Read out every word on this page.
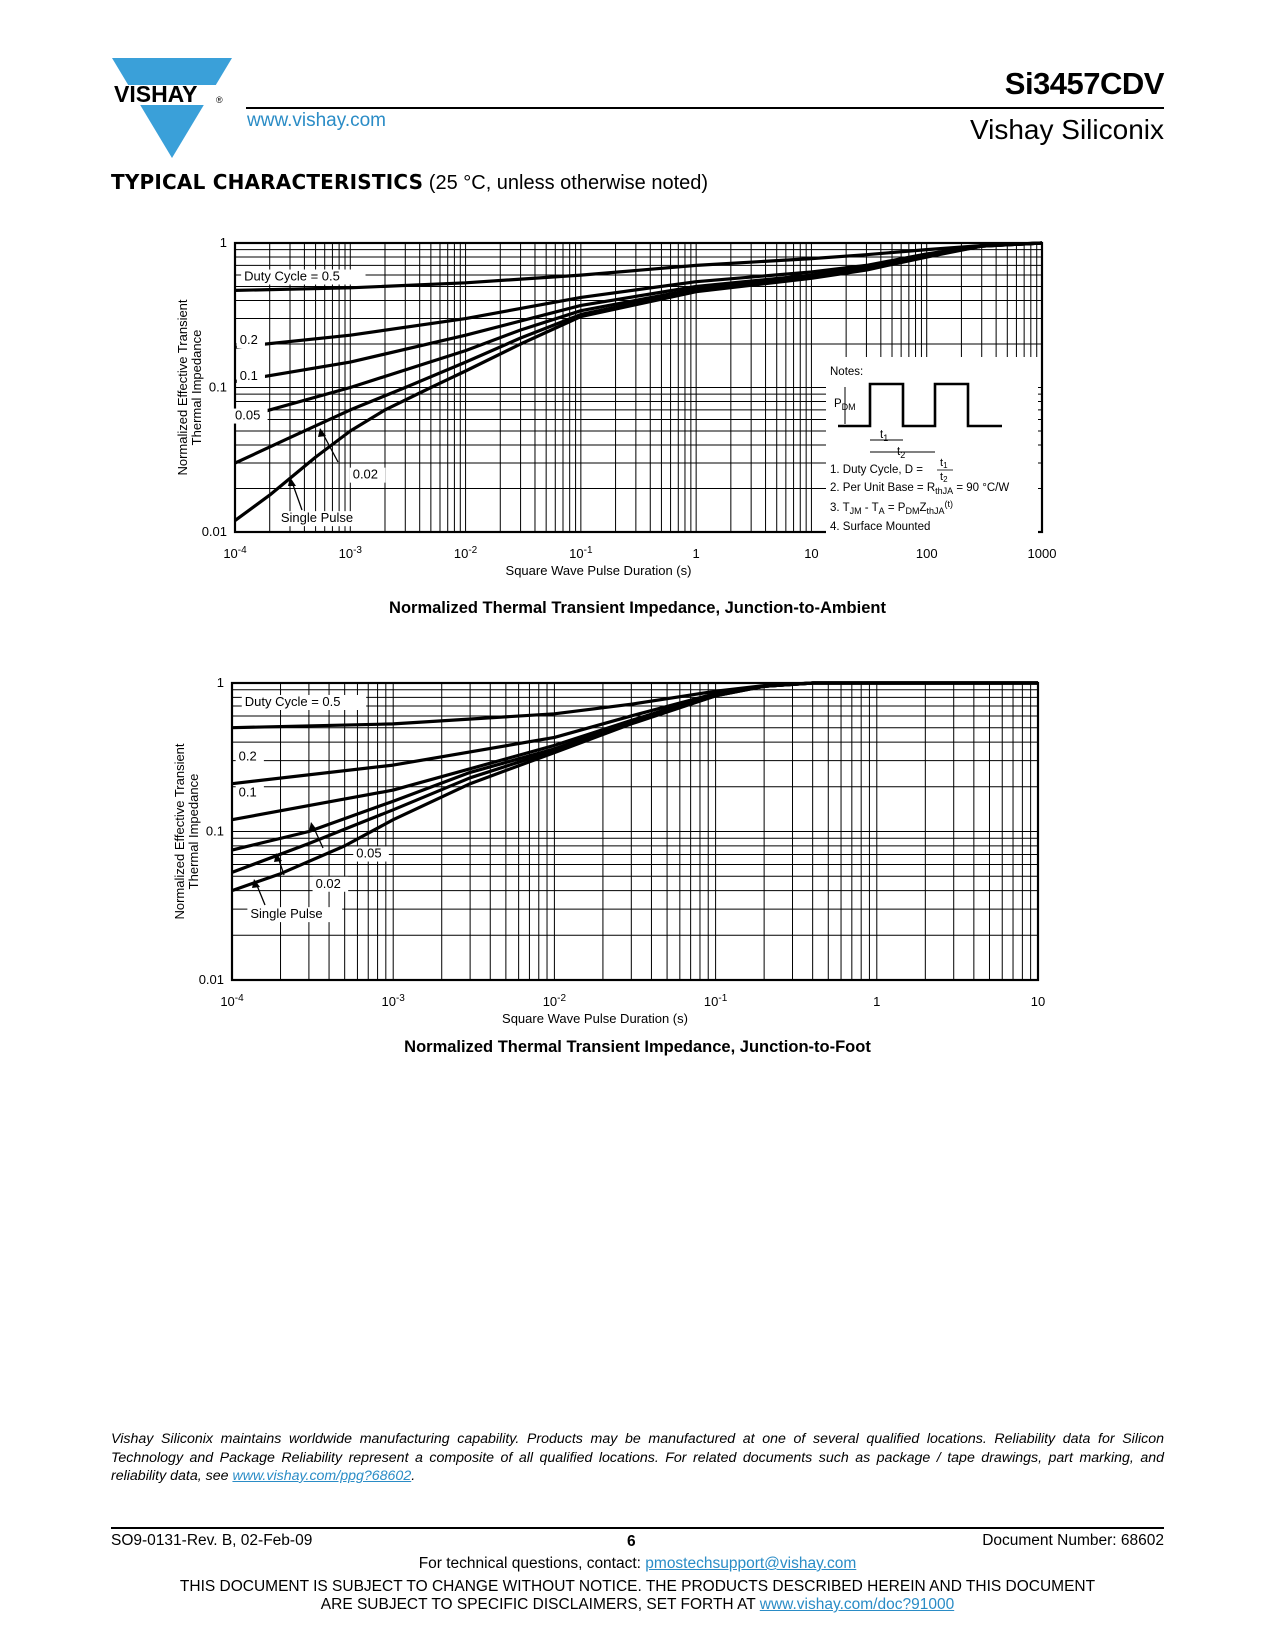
VISHAY ®	Si3457CDV
www.vishay.com	Vishay Siliconix
TYPICAL CHARACTERISTICS (25 °C, unless otherwise noted)
Duty Cycle = 0.5
0.2
0.1
0.05
0.02
Single Pulse
$10^{-4}$	$10^{-3}$	$10^{-2}$	$10^{-1}$	1	10	100	1000
1
0.1
0.01
Square Wave Pulse Duration (s)
Normalized Effective Transient Thermal Impedance	Notes:
$P_{DM}$
$t_1$
$t_2$
1. Duty Cycle, D =
t1
t2
2. Per Unit Base = $R_{thJA} = 90$ °C/W
3. $T_{JM} - T_A = P_{DM}Z_{thJA}^{(t)}$
4. Surface Mounted
Normalized Thermal Transient Impedance, Junction-to-Ambient
Duty Cycle = 0.5
0.2
0.1
0.05
0.02
Single Pulse
$10^{-4}$	$10^{-3}$	$10^{-2}$	$10^{-1}$	1	10
1
0.1
0.01
Square Wave Pulse Duration (s)
Normalized Effective Transient Thermal Impedance
Normalized Thermal Transient Impedance, Junction-to-Foot
Vishay Siliconix maintains worldwide manufacturing capability. Products may be manufactured at one of several qualified locations. Reliability data for Silicon Technology and Package Reliability represent a composite of all qualified locations. For related documents such as package / tape drawings, part marking, and reliability data, see www.vishay.com/ppg?68602.
SO9-0131-Rev. B, 02-Feb-09	6	Document Number: 68602
For technical questions, contact: pmostechsupport@vishay.com
THIS DOCUMENT IS SUBJECT TO CHANGE WITHOUT NOTICE. THE PRODUCTS DESCRIBED HEREIN AND THIS DOCUMENT
ARE SUBJECT TO SPECIFIC DISCLAIMERS, SET FORTH AT www.vishay.com/doc?91000
